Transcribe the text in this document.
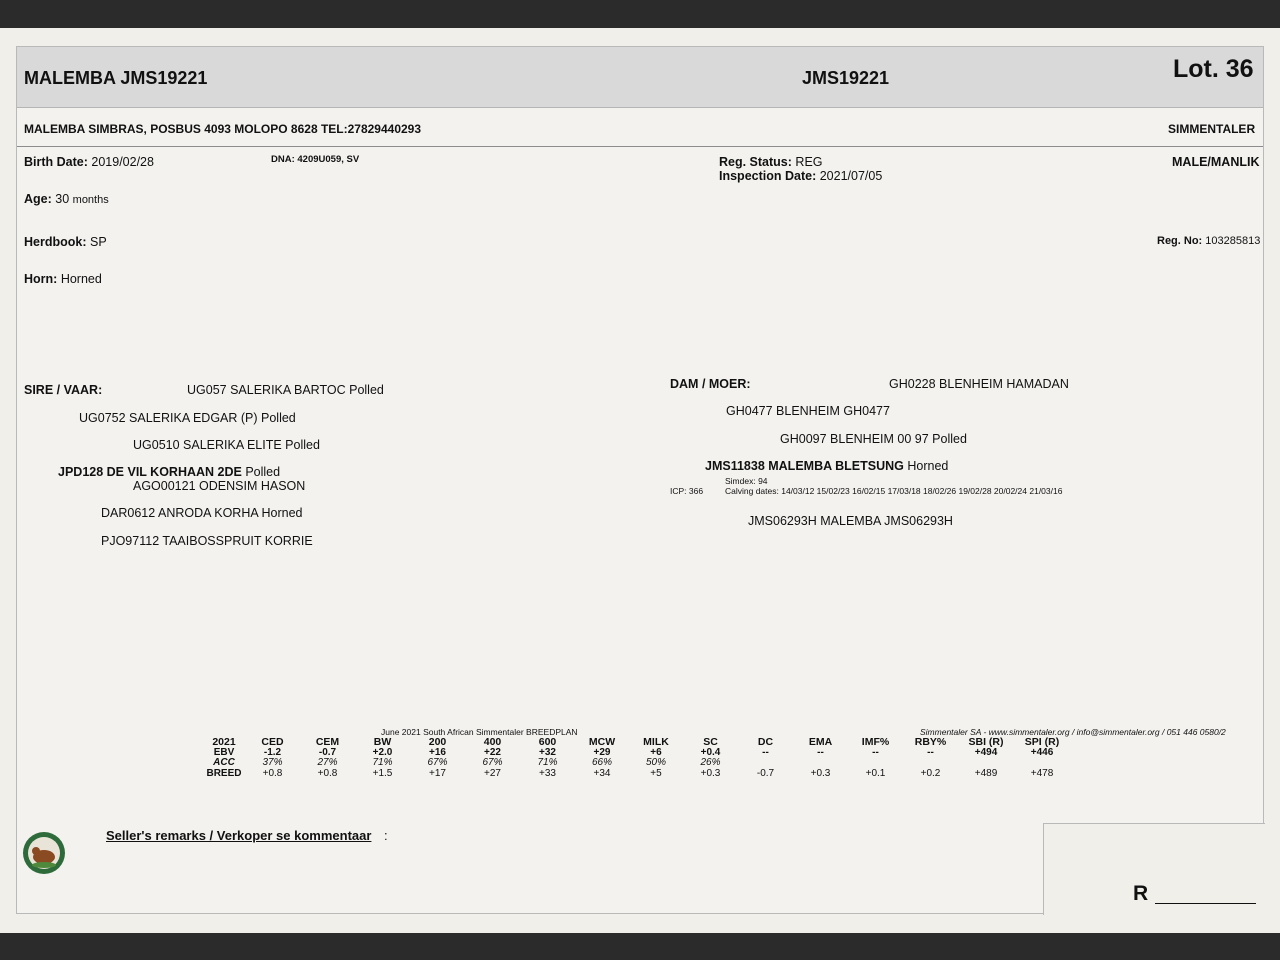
MALEMBA JMS19221	JMS19221	Lot. 36
MALEMBA SIMBRAS, POSBUS 4093 MOLOPO 8628 TEL:27829440293	SIMMENTALER
Birth Date: 2019/02/28	DNA: 4209U059, SV	Reg. Status: REG
Inspection Date: 2021/07/05
MALE/MANLIK
Age: 30 months
Herdbook: SP	Reg. No: 103285813
Horn: Horned
SIRE / VAAR:	UG057 SALERIKA BARTOC Polled
UG0752 SALERIKA EDGAR (P) Polled
UG0510 SALERIKA ELITE Polled
JPD128 DE VIL KORHAAN 2DE Polled
AGO00121 ODENSIM HASON
DAR0612 ANRODA KORHA Horned
PJO97112 TAAIBOSSPRUIT KORRIE
DAM / MOER:	GH0228 BLENHEIM HAMADAN
GH0477 BLENHEIM GH0477
GH0097 BLENHEIM 00 97 Polled
JMS11838 MALEMBA BLETSUNG Horned
Simdex: 94
ICP: 366	Calving dates: 14/03/12 15/02/23 16/02/15 17/03/18 18/02/26 19/02/28 20/02/24 21/03/16
JMS06293H MALEMBA JMS06293H
June 2021 South African Simmentaler BREEDPLAN	Simmentaler SA - www.simmentaler.org / info@simmentaler.org / 051 446 0580/2
2021	CED	CEM	BW	200	400	600	MCW	MILK	SC	DC	EMA	IMF%	RBY%	SBI (R)	SPI (R)
EBV	-1.2	-0.7	+2.0	+16	+22	+32	+29	+6	+0.4	--	--	--	--	+494	+446
ACC	37%	27%	71%	67%	67%	71%	66%	50%	26%						
BREED	+0.8	+0.8	+1.5	+17	+27	+33	+34	+5	+0.3	-0.7	+0.3	+0.1	+0.2	+489	+478
Seller's remarks / Verkoper se kommentaar :
R
